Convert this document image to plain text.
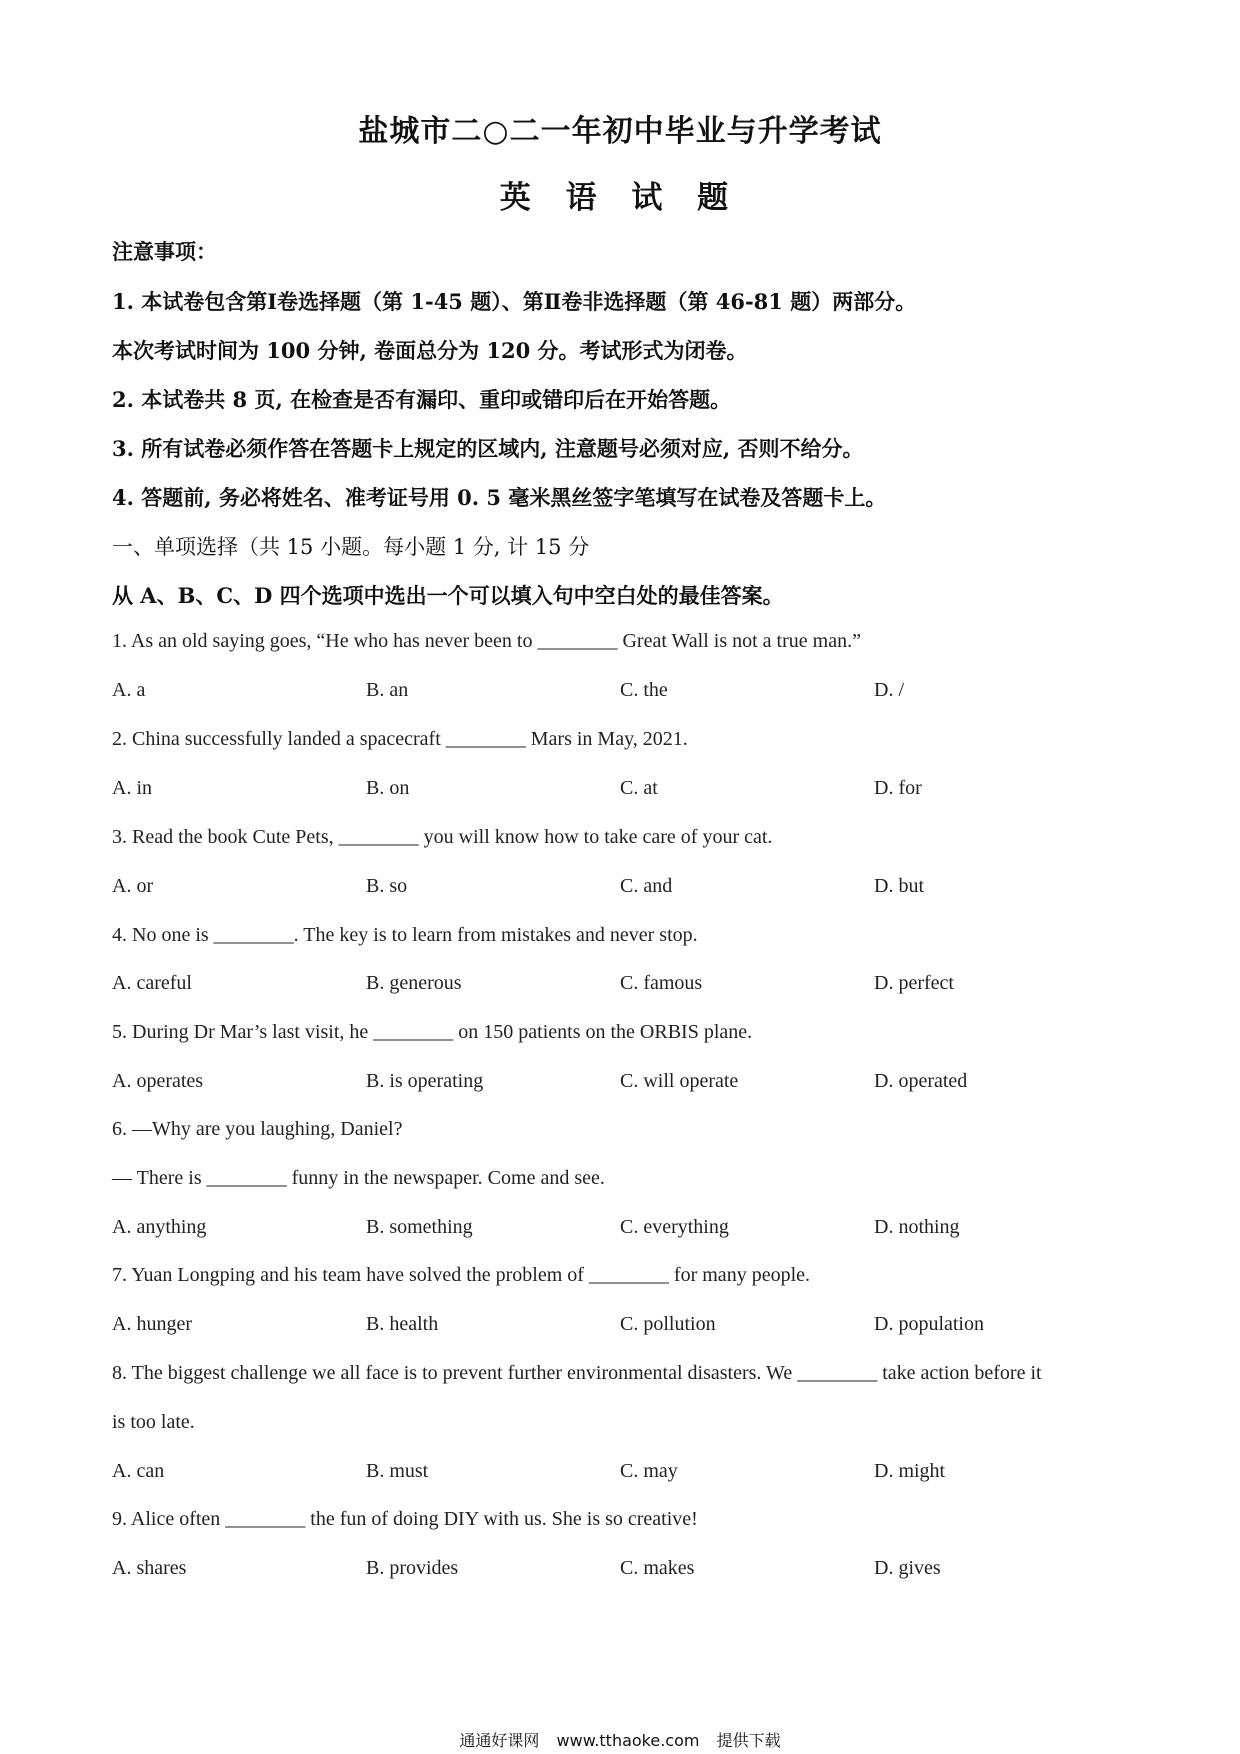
盐城市二○二一年初中毕业与升学考试
英 语 试 题
注意事项：
1. 本试卷包含第Ⅰ卷选择题（第 1-45 题）、第Ⅱ卷非选择题（第 46-81 题）两部分。
本次考试时间为 100 分钟, 卷面总分为 120 分。考试形式为闭卷。
2. 本试卷共 8 页, 在检查是否有漏印、重印或错印后在开始答题。
3. 所有试卷必须作答在答题卡上规定的区域内, 注意题号必须对应, 否则不给分。
4. 答题前, 务必将姓名、准考证号用 0. 5 毫米黑丝签字笔填写在试卷及答题卡上。
一、单项选择（共 15 小题。每小题 1 分, 计 15 分
从 A、B、C、D 四个选项中选出一个可以填入句中空白处的最佳答案。
1. As an old saying goes, “He who has never been to ________ Great Wall is not a true man.”
A. a	B. an	C. the	D. /
2. China successfully landed a spacecraft ________ Mars in May, 2021.
A. in	B. on	C. at	D. for
3. Read the book Cute Pets, ________ you will know how to take care of your cat.
A. or	B. so	C. and	D. but
4. No one is ________. The key is to learn from mistakes and never stop.
A. careful	B. generous	C. famous	D. perfect
5. During Dr Mar’s last visit, he ________ on 150 patients on the ORBIS plane.
A. operates	B. is operating	C. will operate	D. operated
6. —Why are you laughing, Daniel?
— There is ________ funny in the newspaper. Come and see.
A. anything	B. something	C. everything	D. nothing
7. Yuan Longping and his team have solved the problem of ________ for many people.
A. hunger	B. health	C. pollution	D. population
8. The biggest challenge we all face is to prevent further environmental disasters. We ________ take action before it
is too late.
A. can	B. must	C. may	D. might
9. Alice often ________ the fun of doing DIY with us. She is so creative!
A. shares	B. provides	C. makes	D. gives
通通好课网 www.tthaoke.com 提供下载
